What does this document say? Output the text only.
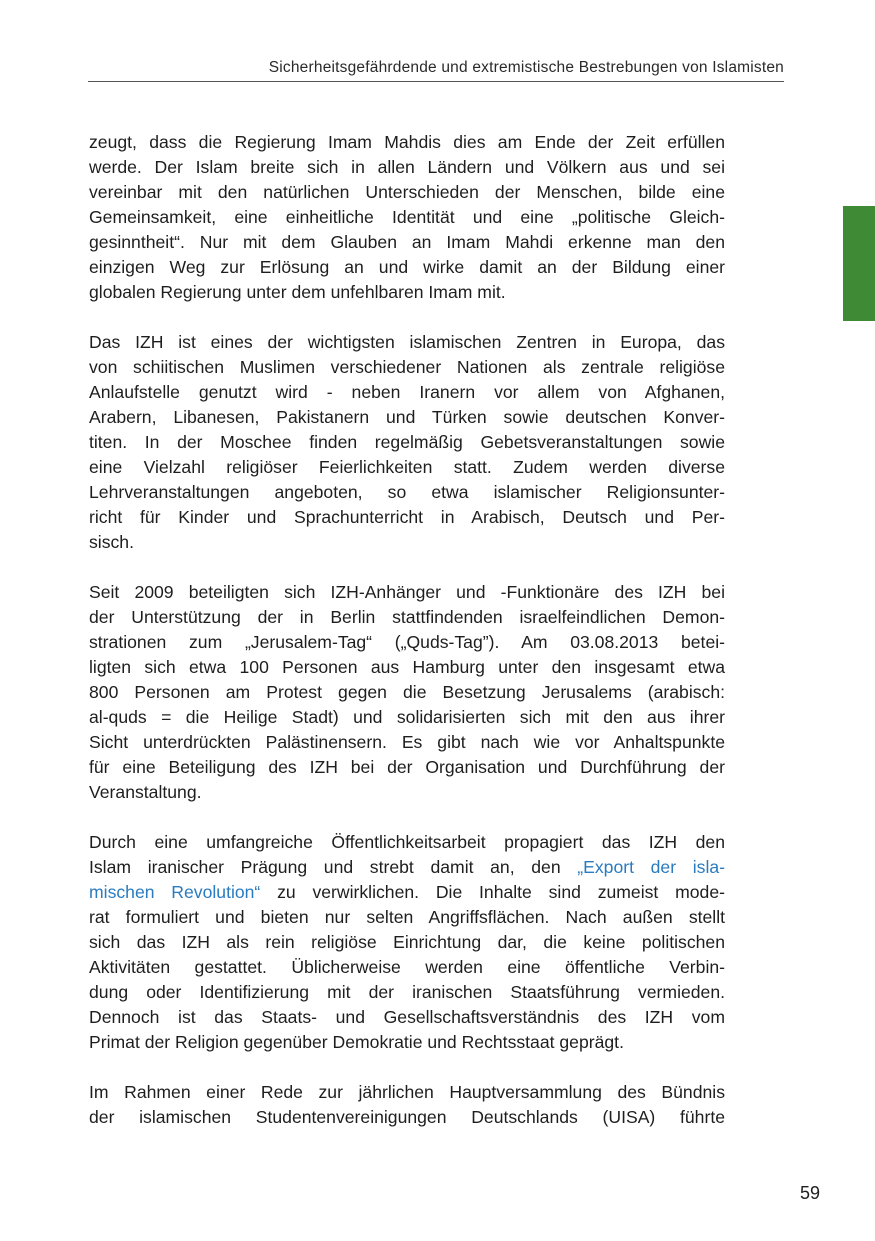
Sicherheitsgefährdende und extremistische Bestrebungen von Islamisten

zeugt, dass die Regierung Imam Mahdis dies am Ende der Zeit erfüllen
werde. Der Islam breite sich in allen Ländern und Völkern aus und sei
vereinbar mit den natürlichen Unterschieden der Menschen, bilde eine
Gemeinsamkeit, eine einheitliche Identität und eine „politische Gleich-
gesinntheit“. Nur mit dem Glauben an Imam Mahdi erkenne man den
einzigen Weg zur Erlösung an und wirke damit an der Bildung einer
globalen Regierung unter dem unfehlbaren Imam mit.

Das IZH ist eines der wichtigsten islamischen Zentren in Europa, das
von schiitischen Muslimen verschiedener Nationen als zentrale religiöse
Anlaufstelle genutzt wird - neben Iranern vor allem von Afghanen,
Arabern, Libanesen, Pakistanern und Türken sowie deutschen Konver-
titen. In der Moschee finden regelmäßig Gebetsveranstaltungen sowie
eine Vielzahl religiöser Feierlichkeiten statt. Zudem werden diverse
Lehrveranstaltungen angeboten, so etwa islamischer Religionsunter-
richt für Kinder und Sprachunterricht in Arabisch, Deutsch und Per-
sisch.

Seit 2009 beteiligten sich IZH-Anhänger und -Funktionäre des IZH bei
der Unterstützung der in Berlin stattfindenden israelfeindlichen Demon-
strationen zum „Jerusalem-Tag“ („Quds-Tag”). Am 03.08.2013 betei-
ligten sich etwa 100 Personen aus Hamburg unter den insgesamt etwa
800 Personen am Protest gegen die Besetzung Jerusalems (arabisch:
al-quds = die Heilige Stadt) und solidarisierten sich mit den aus ihrer
Sicht unterdrückten Palästinensern. Es gibt nach wie vor Anhaltspunkte
für eine Beteiligung des IZH bei der Organisation und Durchführung der
Veranstaltung.

Durch eine umfangreiche Öffentlichkeitsarbeit propagiert das IZH den
Islam iranischer Prägung und strebt damit an, den „Export der isla-
mischen Revolution“ zu verwirklichen. Die Inhalte sind zumeist mode-
rat formuliert und bieten nur selten Angriffsflächen. Nach außen stellt
sich das IZH als rein religiöse Einrichtung dar, die keine politischen
Aktivitäten gestattet. Üblicherweise werden eine öffentliche Verbin-
dung oder Identifizierung mit der iranischen Staatsführung vermieden.
Dennoch ist das Staats- und Gesellschaftsverständnis des IZH vom
Primat der Religion gegenüber Demokratie und Rechtsstaat geprägt.

Im Rahmen einer Rede zur jährlichen Hauptversammlung des Bündnis
der islamischen Studentenvereinigungen Deutschlands (UISA) führte

59
